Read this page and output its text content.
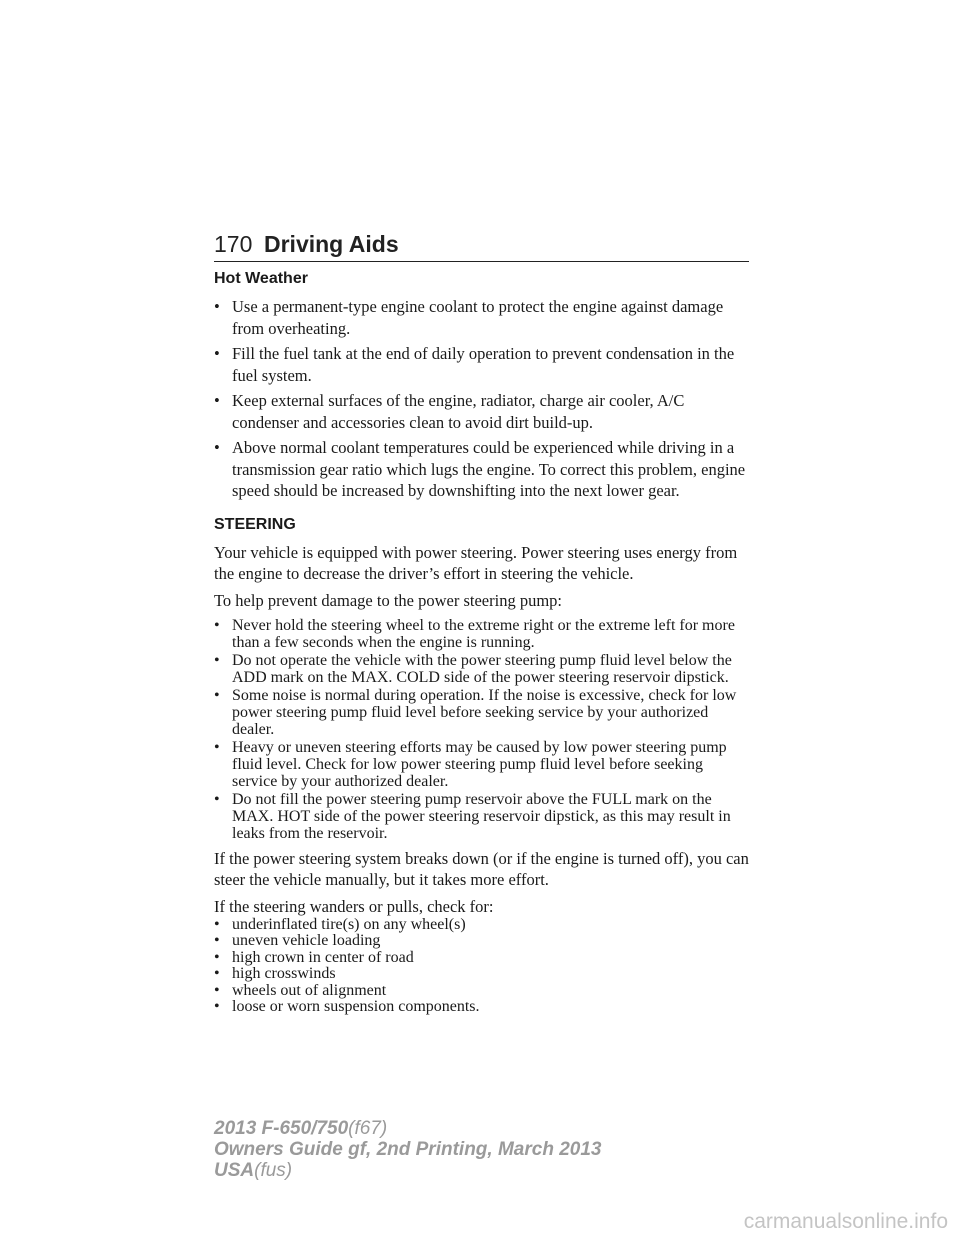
170 Driving Aids
Hot Weather
• Use a permanent-type engine coolant to protect the engine against damage from overheating.
• Fill the fuel tank at the end of daily operation to prevent condensation in the fuel system.
• Keep external surfaces of the engine, radiator, charge air cooler, A/C condenser and accessories clean to avoid dirt build-up.
• Above normal coolant temperatures could be experienced while driving in a transmission gear ratio which lugs the engine. To correct this problem, engine speed should be increased by downshifting into the next lower gear.
STEERING

Your vehicle is equipped with power steering. Power steering uses energy from the engine to decrease the driver’s effort in steering the vehicle.

To help prevent damage to the power steering pump:

• Never hold the steering wheel to the extreme right or the extreme left for more than a few seconds when the engine is running.
• Do not operate the vehicle with the power steering pump fluid level below the ADD mark on the MAX. COLD side of the power steering reservoir dipstick.
• Some noise is normal during operation. If the noise is excessive, check for low power steering pump fluid level before seeking service by your authorized dealer.
• Heavy or uneven steering efforts may be caused by low power steering pump fluid level. Check for low power steering pump fluid level before seeking service by your authorized dealer.
• Do not fill the power steering pump reservoir above the FULL mark on the MAX. HOT side of the power steering reservoir dipstick, as this may result in leaks from the reservoir.

If the power steering system breaks down (or if the engine is turned off), you can steer the vehicle manually, but it takes more effort.

If the steering wanders or pulls, check for:

• underinflated tire(s) on any wheel(s)
• uneven vehicle loading
• high crown in center of road
• high crosswinds
• wheels out of alignment
• loose or worn suspension components.
2013 F-650/750(f67)
Owners Guide gf, 2nd Printing, March 2013
USA(fus)
carmanualsonline.info
